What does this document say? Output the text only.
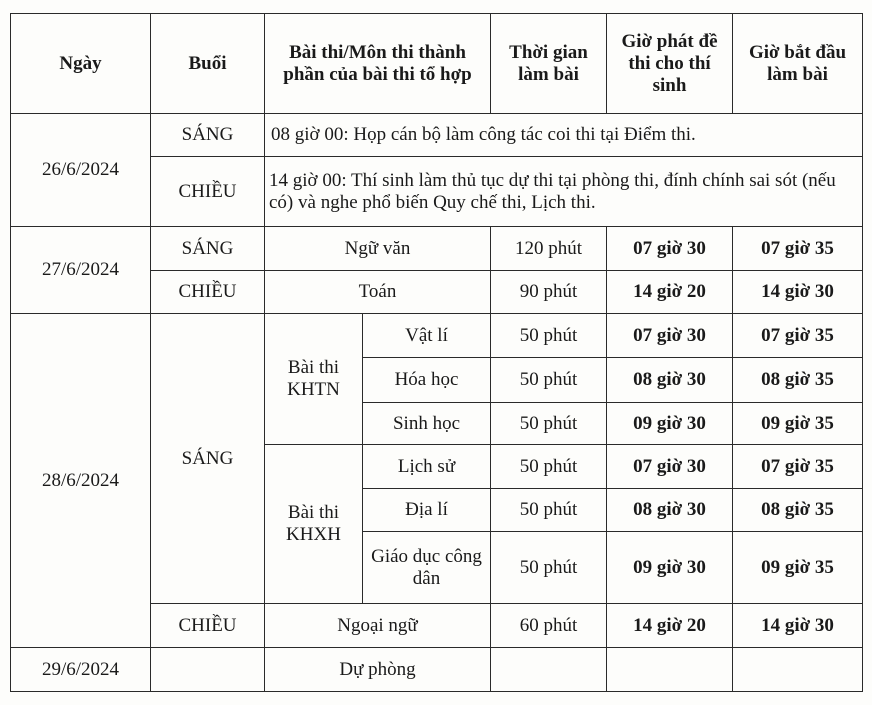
Ngày	Buổi	Bài thi/Môn thi thành phần của bài thi tổ hợp		Thời gian làm bài	Giờ phát đề thi cho thí sinh	Giờ bắt đầu làm bài
26/6/2024	SÁNG	08 giờ 00: Họp cán bộ làm công tác coi thi tại Điểm thi.				
	CHIỀU	14 giờ 00: Thí sinh làm thủ tục dự thi tại phòng thi, đính chính sai sót (nếu có) và nghe phổ biến Quy chế thi, Lịch thi.				
27/6/2024	SÁNG	Ngữ văn		120 phút	07 giờ 30	07 giờ 35
	CHIỀU	Toán		90 phút	14 giờ 20	14 giờ 30
28/6/2024	SÁNG	Bài thi KHTN	Vật lí	50 phút	07 giờ 30	07 giờ 35
			Hóa học	50 phút	08 giờ 30	08 giờ 35
			Sinh học	50 phút	09 giờ 30	09 giờ 35
		Bài thi KHXH	Lịch sử	50 phút	07 giờ 30	07 giờ 35
			Địa lí	50 phút	08 giờ 30	08 giờ 35
			Giáo dục công dân	50 phút	09 giờ 30	09 giờ 35
	CHIỀU	Ngoại ngữ		60 phút	14 giờ 20	14 giờ 30
29/6/2024		Dự phòng				
